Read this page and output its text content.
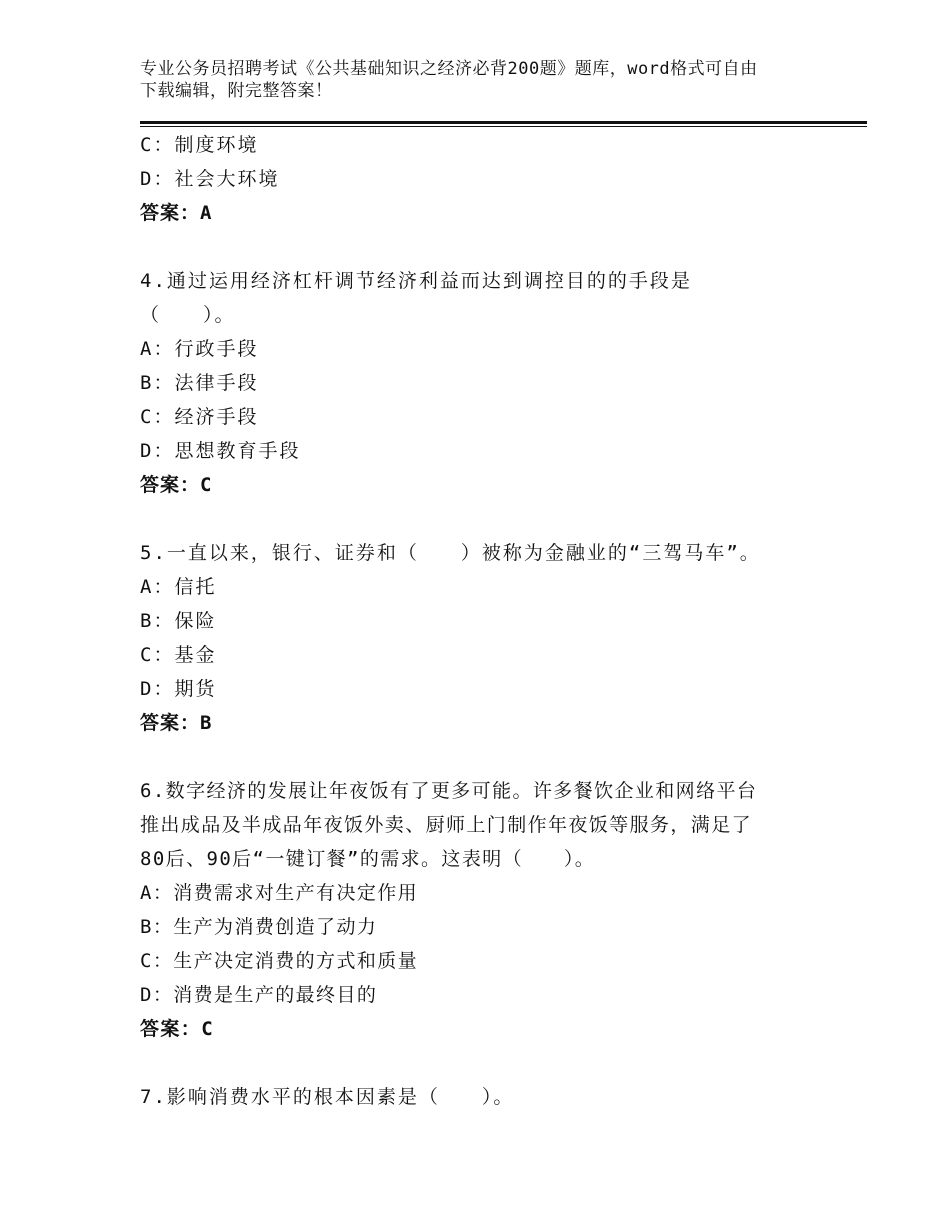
专业公务员招聘考试《公共基础知识之经济必背200题》题库，word格式可自由
下载编辑，附完整答案！
C：制度环境
D：社会大环境
答案：A
4.通过运用经济杠杆调节经济利益而达到调控目的的手段是
（　　）。
A：行政手段
B：法律手段
C：经济手段
D：思想教育手段
答案：C
5.一直以来，银行、证券和（　　）被称为金融业的“三驾马车”。
A：信托
B：保险
C：基金
D：期货
答案：B
6.数字经济的发展让年夜饭有了更多可能。许多餐饮企业和网络平台
推出成品及半成品年夜饭外卖、厨师上门制作年夜饭等服务，满足了
80后、90后“一键订餐”的需求。这表明（　　）。
A：消费需求对生产有决定作用
B：生产为消费创造了动力
C：生产决定消费的方式和质量
D：消费是生产的最终目的
答案：C
7.影响消费水平的根本因素是（　　）。
